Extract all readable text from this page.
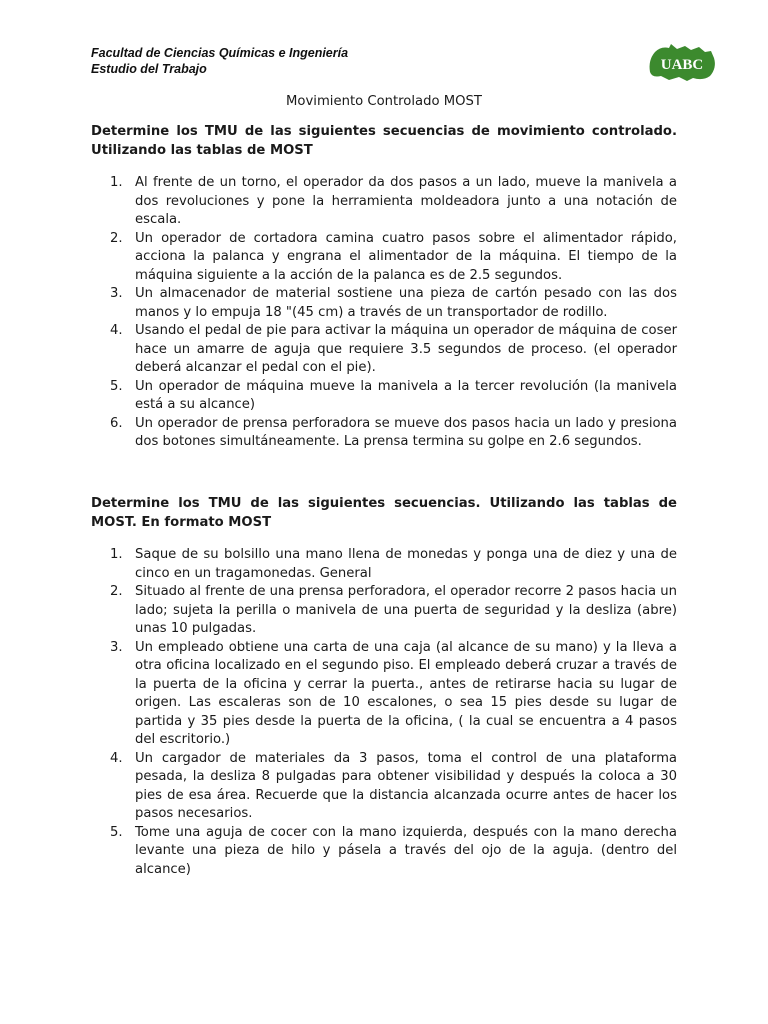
Facultad de Ciencias Químicas e Ingeniería
Estudio del Trabajo	UABC
Movimiento Controlado MOST
Determine los TMU de las siguientes secuencias de movimiento controlado. Utilizando las tablas de MOST
1. Al frente de un torno, el operador da dos pasos a un lado, mueve la manivela a dos revoluciones y pone la herramienta moldeadora junto a una notación de escala.
2. Un operador de cortadora camina cuatro pasos sobre el alimentador rápido, acciona la palanca y engrana el alimentador de la máquina. El tiempo de la máquina siguiente a la acción de la palanca es de 2.5 segundos.
3. Un almacenador de material sostiene una pieza de cartón pesado con las dos manos y lo empuja 18 "(45 cm) a través de un transportador de rodillo.
4. Usando el pedal de pie para activar la máquina un operador de máquina de coser hace un amarre de aguja que requiere 3.5 segundos de proceso. (el operador deberá alcanzar el pedal con el pie).
5. Un operador de máquina mueve la manivela a la tercer revolución (la manivela está a su alcance)
6. Un operador de prensa perforadora se mueve dos pasos hacia un lado y presiona dos botones simultáneamente. La prensa termina su golpe en 2.6 segundos.
Determine los TMU de las siguientes secuencias. Utilizando las tablas de MOST. En formato MOST
1. Saque de su bolsillo una mano llena de monedas y ponga una de diez y una de cinco en un tragamonedas. General
2. Situado al frente de una prensa perforadora, el operador recorre 2 pasos hacia un lado; sujeta la perilla o manivela de una puerta de seguridad y la desliza (abre) unas 10 pulgadas.
3. Un empleado obtiene una carta de una caja (al alcance de su mano) y la lleva a otra oficina localizado en el segundo piso. El empleado deberá cruzar a través de la puerta de la oficina y cerrar la puerta., antes de retirarse hacia su lugar de origen. Las escaleras son de 10 escalones, o sea 15 pies desde su lugar de partida y 35 pies desde la puerta de la oficina, ( la cual se encuentra a 4 pasos del escritorio.)
4. Un cargador de materiales da 3 pasos, toma el control de una plataforma pesada, la desliza 8 pulgadas para obtener visibilidad y después la coloca a 30 pies de esa área. Recuerde que la distancia alcanzada ocurre antes de hacer los pasos necesarios.
5. Tome una aguja de cocer con la mano izquierda, después con la mano derecha levante una pieza de hilo y pásela a través del ojo de la aguja. (dentro del alcance)
